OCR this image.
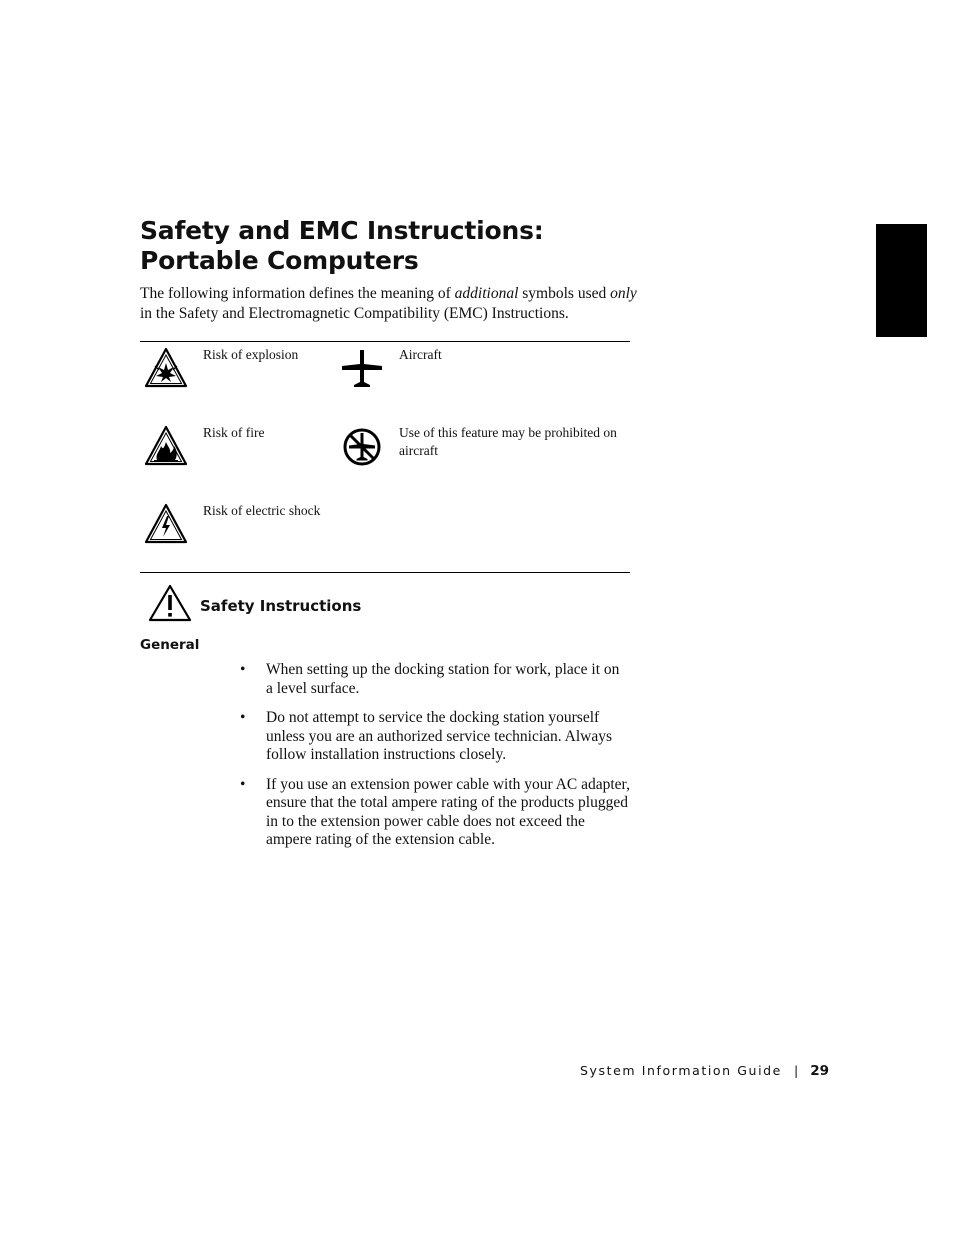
Safety and EMC Instructions: Portable Computers

The following information defines the meaning of additional symbols used only in the Safety and Electromagnetic Compatibility (EMC) Instructions.

Risk of explosion	Aircraft
Risk of fire	Use of this feature may be prohibited on aircraft
Risk of electric shock
Safety Instructions
General
• When setting up the docking station for work, place it on a level surface.
• Do not attempt to service the docking station yourself unless you are an authorized service technician. Always follow installation instructions closely.
• If you use an extension power cable with your AC adapter, ensure that the total ampere rating of the products plugged in to the extension power cable does not exceed the ampere rating of the extension cable.
System Information Guide | 29
